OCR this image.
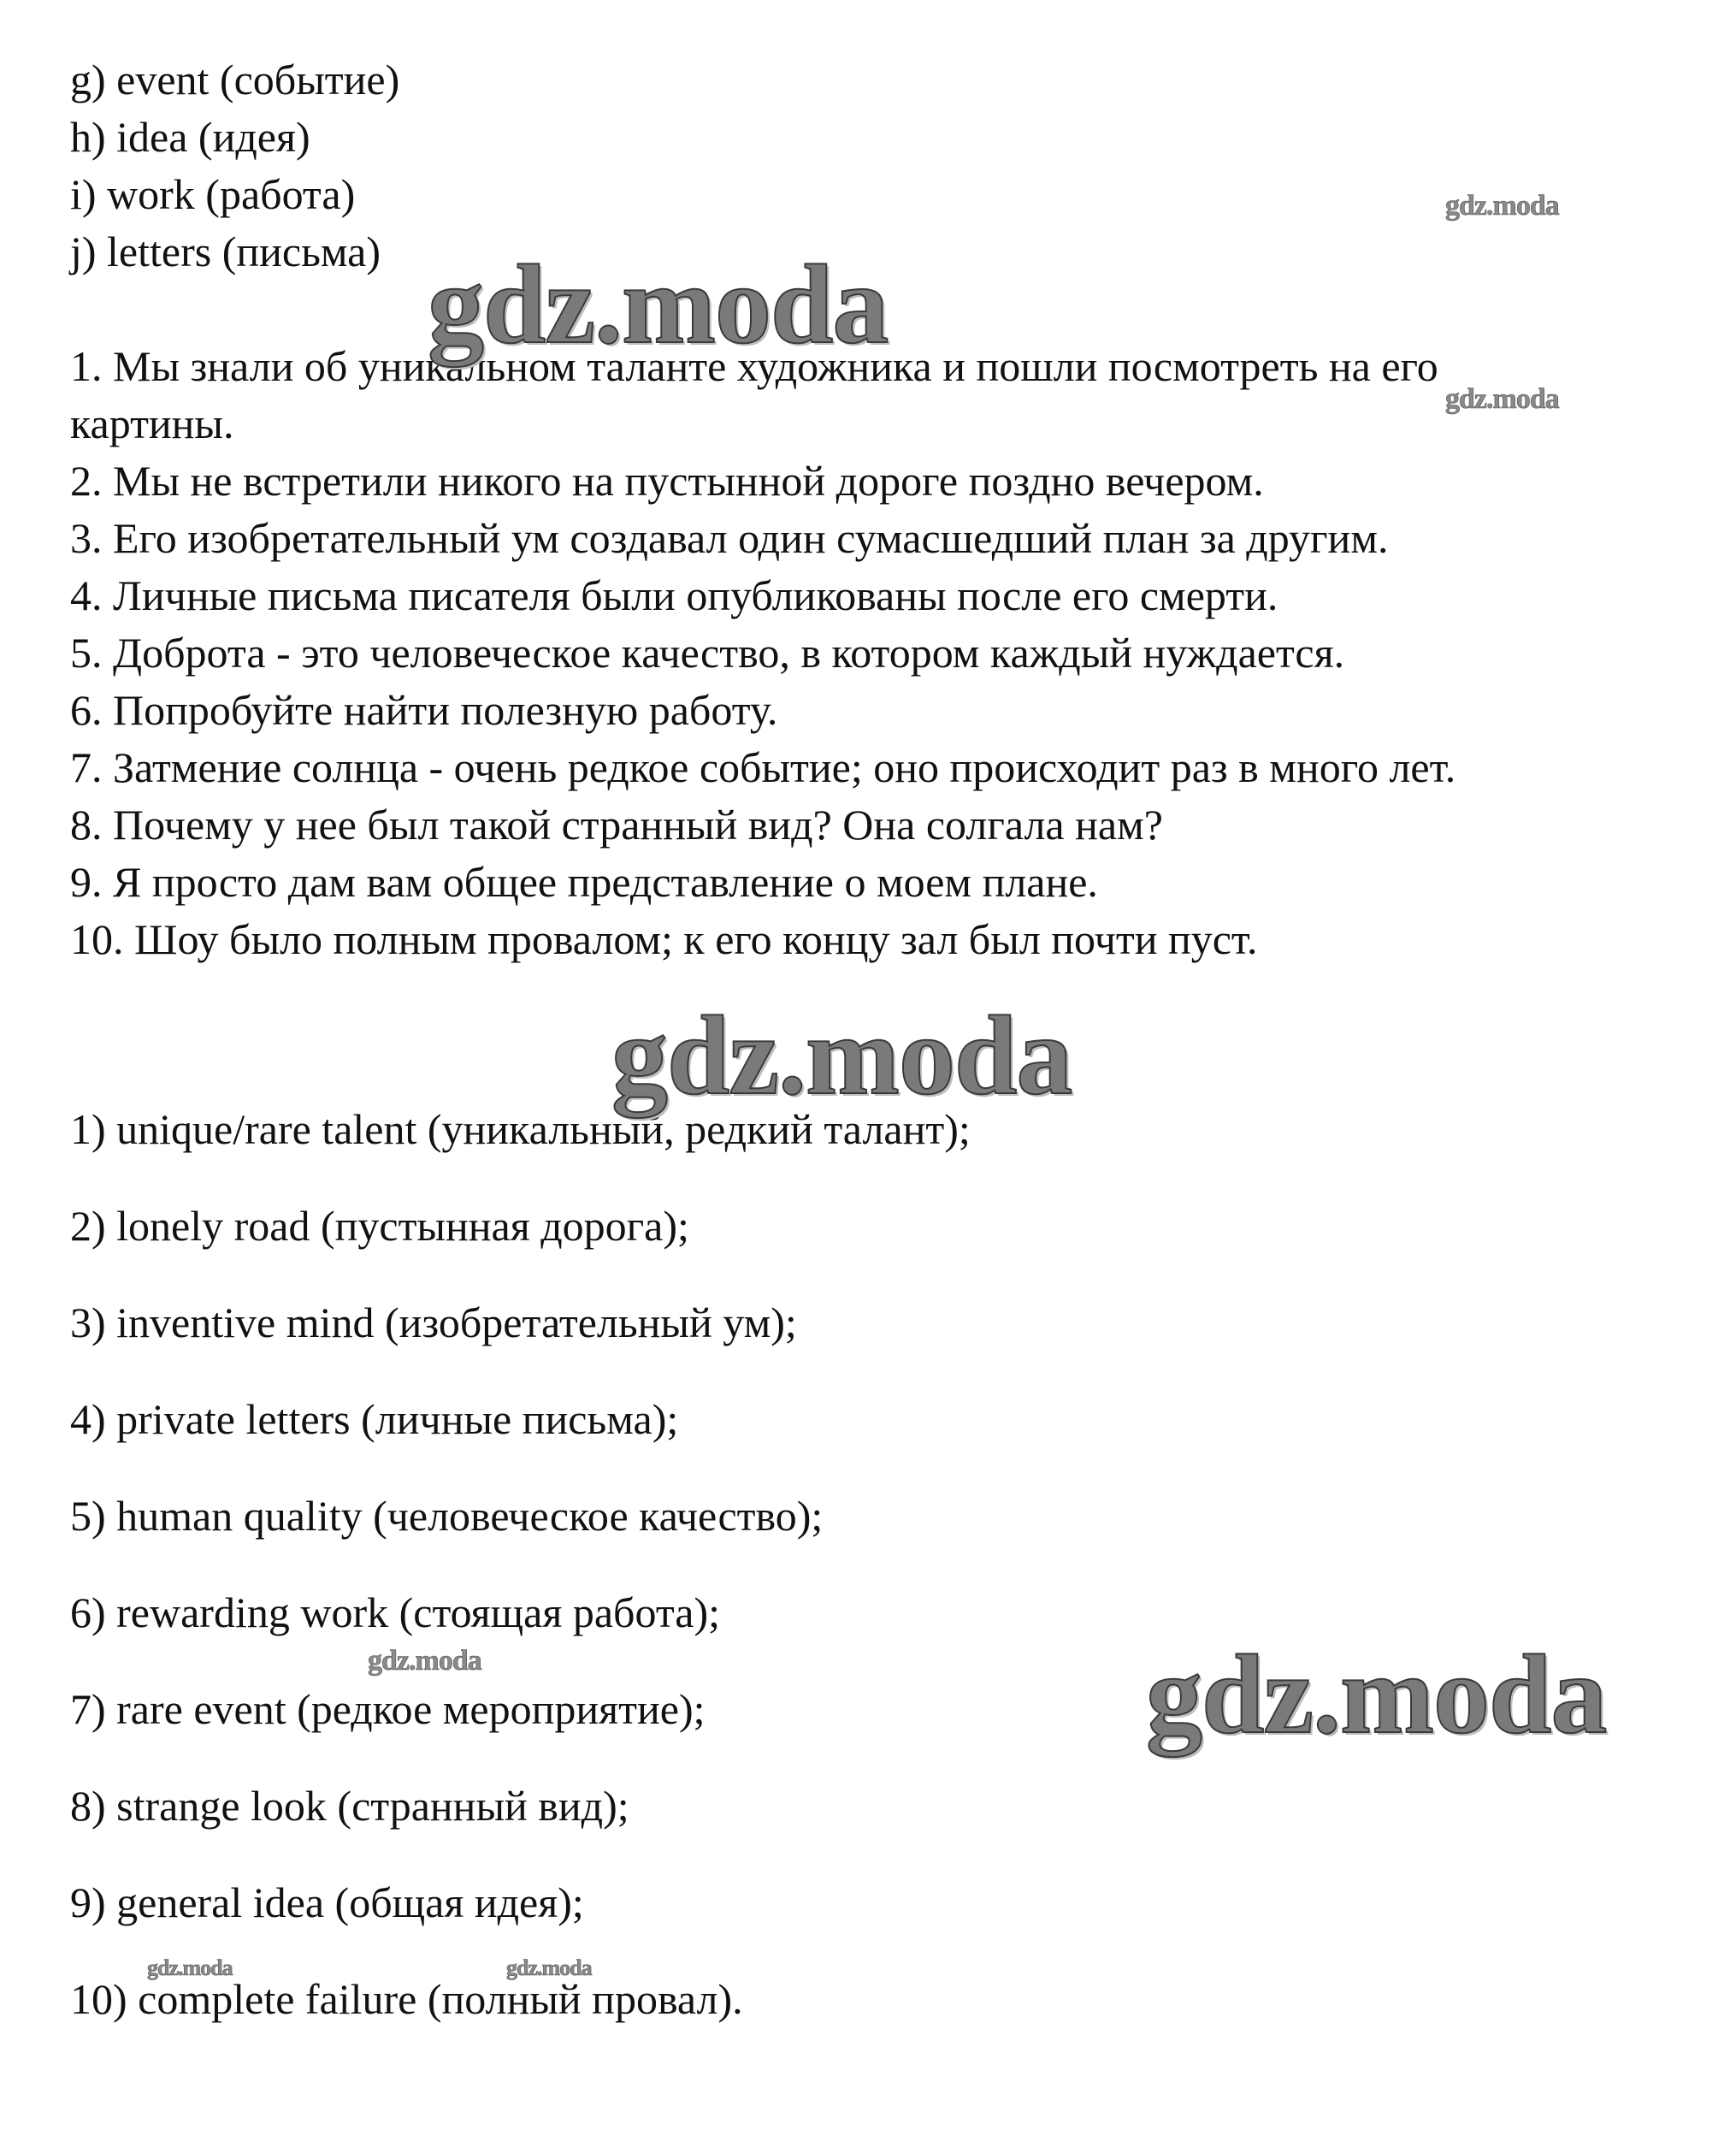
g) event (событие)

h) idea (идея)

i) work (работа)

j) letters (письма)

1. Мы знали об уникальном таланте художника и пошли посмотреть на его

картины.

2. Мы не встретили никого на пустынной дороге поздно вечером.

3. Его изобретательный ум создавал один сумасшедший план за другим.

4. Личные письма писателя были опубликованы после его смерти.

5. Доброта - это человеческое качество, в котором каждый нуждается.

6. Попробуйте найти полезную работу.

7. Затмение солнца - очень редкое событие; оно происходит раз в много лет.

8. Почему у нее был такой странный вид? Она солгала нам?

9. Я просто дам вам общее представление о моем плане.

10. Шоу было полным провалом; к его концу зал был почти пуст.

1) unique/rare talent (уникальный, редкий талант);

2) lonely road (пустынная дорога);

3) inventive mind (изобретательный ум);

4) private letters (личные письма);

5) human quality (человеческое качество);

6) rewarding work (стоящая работа);

7) rare event (редкое мероприятие);

8) strange look (странный вид);

9) general idea (общая идея);

10) complete failure (полный провал).

gdz.moda
gdz.moda
gdz.moda
gdz.moda
gdz.moda	gdz.moda
gdz.moda	gdz.moda
